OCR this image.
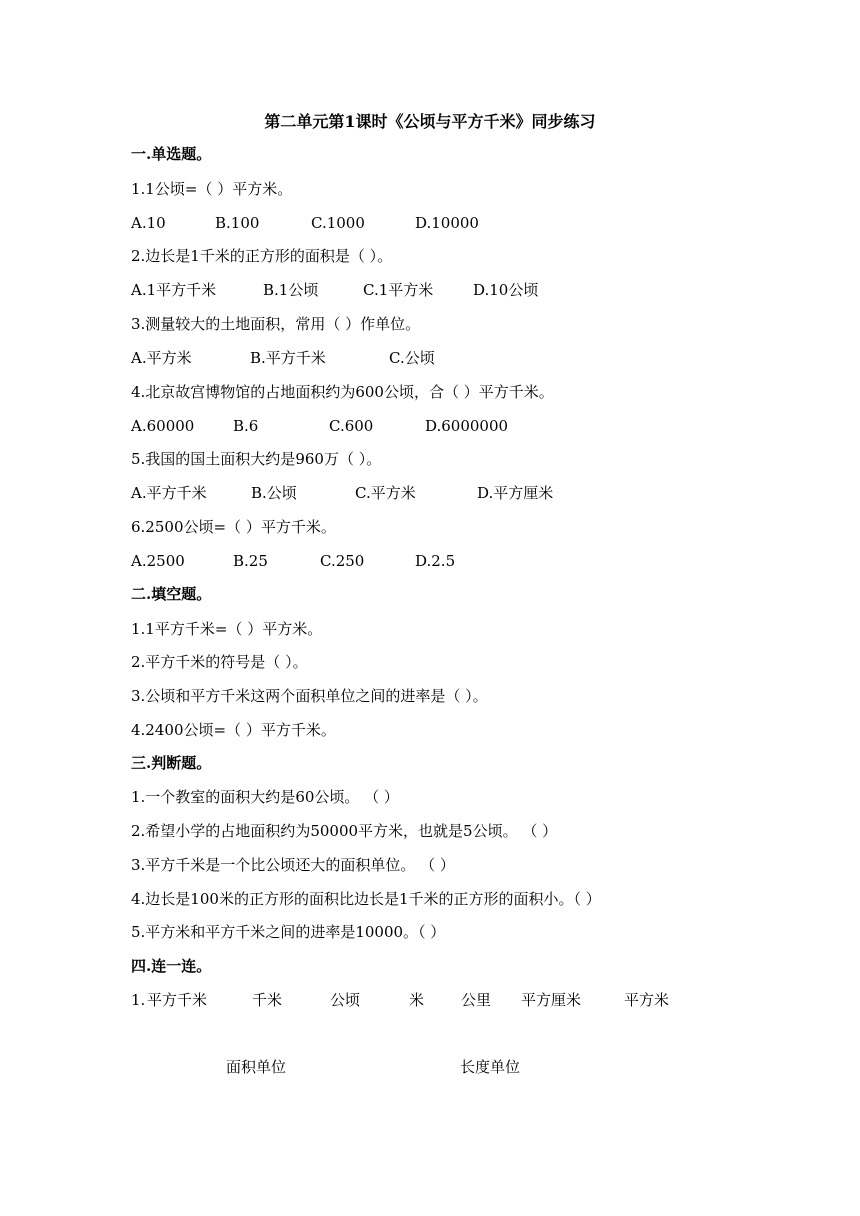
第二单元第1课时《公顷与平方千米》同步练习
一.单选题。
1.1公顷=（ ）平方米。
A.10	B.100	C.1000	D.10000
2.边长是1千米的正方形的面积是（ ）。
A.1平方千米	B.1公顷	C.1平方米	D.10公顷
3.测量较大的土地面积，常用（ ）作单位。
A.平方米	B.平方千米	C.公顷
4.北京故宫博物馆的占地面积约为600公顷，合（ ）平方千米。
A.60000	B.6	C.600	D.6000000
5.我国的国土面积大约是960万（ ）。
A.平方千米	B.公顷	C.平方米	D.平方厘米
6.2500公顷=（ ）平方千米。
A.2500	B.25	C.250	D.2.5
二.填空题。
1.1平方千米=（ ）平方米。
2.平方千米的符号是（ ）。
3.公顷和平方千米这两个面积单位之间的进率是（ ）。
4.2400公顷=（ ）平方千米。
三.判断题。
1.一个教室的面积大约是60公顷。 （ ）
2.希望小学的占地面积约为50000平方米，也就是5公顷。 （ ）
3.平方千米是一个比公顷还大的面积单位。 （ ）
4.边长是100米的正方形的面积比边长是1千米的正方形的面积小。（ ）
5.平方米和平方千米之间的进率是10000。（ ）
四.连一连。
1. 平方千米	千米	公顷	米 公里 平方厘米	平方米
面积单位	长度单位
